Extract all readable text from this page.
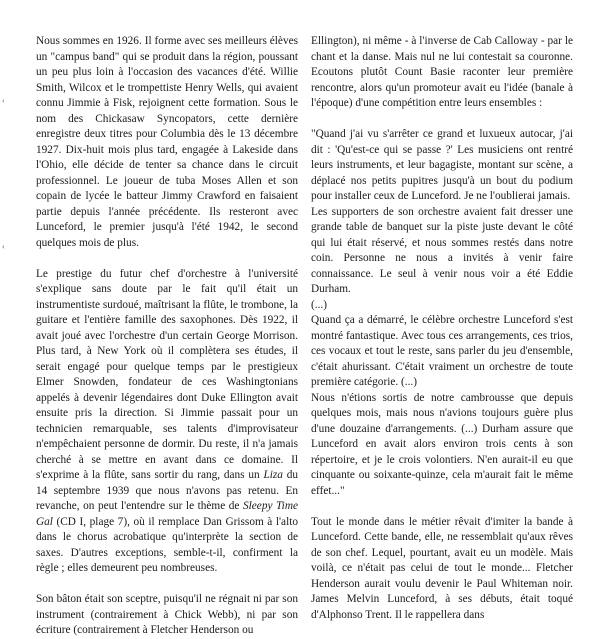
‹
‹

Nous sommes en 1926. Il forme avec ses meilleurs élèves un "campus band" qui se produit dans la région, poussant un peu plus loin à l'occasion des vacances d'été. Willie Smith, Wilcox et le trompettiste Henry Wells, qui avaient connu Jimmie à Fisk, rejoignent cette formation. Sous le nom des Chickasaw Syncopators, cette dernière enregistre deux titres pour Columbia dès le 13 décembre 1927. Dix-huit mois plus tard, engagée à Lakeside dans l'Ohio, elle décide de tenter sa chance dans le circuit professionnel. Le joueur de tuba Moses Allen et son copain de lycée le batteur Jimmy Crawford en faisaient partie depuis l'année précédente. Ils resteront avec Lunceford, le premier jusqu'à l'été 1942, le second quelques mois de plus.

Le prestige du futur chef d'orchestre à l'université s'explique sans doute par le fait qu'il était un instrumentiste surdoué, maîtrisant la flûte, le trombone, la guitare et l'entière famille des saxophones. Dès 1922, il avait joué avec l'orchestre d'un certain George Morrison. Plus tard, à New York où il complètera ses études, il serait engagé pour quelque temps par le prestigieux Elmer Snowden, fondateur de ces Washingtonians appelés à devenir légendaires dont Duke Ellington avait ensuite pris la direction. Si Jimmie passait pour un technicien remarquable, ses talents d'improvisateur n'empêchaient personne de dormir. Du reste, il n'a jamais cherché à se mettre en avant dans ce domaine. Il s'exprime à la flûte, sans sortir du rang, dans un Liza du 14 septembre 1939 que nous n'avons pas retenu. En revanche, on peut l'entendre sur le thème de Sleepy Time Gal (CD I, plage 7), où il remplace Dan Grissom à l'alto dans le chorus acrobatique qu'interprète la section de saxes. D'autres exceptions, semble-t-il, confirment la règle ; elles demeurent peu nombreuses.

Son bâton était son sceptre, puisqu'il ne régnait ni par son instrument (contrairement à Chick Webb), ni par son écriture (contrairement à Fletcher Henderson ou

Ellington), ni même - à l'inverse de Cab Calloway - par le chant et la danse. Mais nul ne lui contestait sa couronne. Ecoutons plutôt Count Basie raconter leur première rencontre, alors qu'un promoteur avait eu l'idée (banale à l'époque) d'une compétition entre leurs ensembles :

"Quand j'ai vu s'arrêter ce grand et luxueux autocar, j'ai dit : 'Qu'est-ce qui se passe ?' Les musiciens ont rentré leurs instruments, et leur bagagiste, montant sur scène, a déplacé nos petits pupitres jusqu'à un bout du podium pour installer ceux de Lunceford. Je ne l'oublierai jamais.

Les supporters de son orchestre avaient fait dresser une grande table de banquet sur la piste juste devant le côté qui lui était réservé, et nous sommes restés dans notre coin. Personne ne nous a invités à venir faire connaissance. Le seul à venir nous voir a été Eddie Durham.

(...)

Quand ça a démarré, le célèbre orchestre Lunceford s'est montré fantastique. Avec tous ces arrangements, ces trios, ces vocaux et tout le reste, sans parler du jeu d'ensemble, c'était ahurissant. C'était vraiment un orchestre de toute première catégorie. (...)

Nous n'étions sortis de notre cambrousse que depuis quelques mois, mais nous n'avions toujours guère plus d'une douzaine d'arrangements. (...) Durham assure que Lunceford en avait alors environ trois cents à son répertoire, et je le crois volontiers. N'en aurait-il eu que cinquante ou soixante-quinze, cela m'aurait fait le même effet..."

Tout le monde dans le métier rêvait d'imiter la bande à Lunceford. Cette bande, elle, ne ressemblait qu'aux rêves de son chef. Lequel, pourtant, avait eu un modèle. Mais voilà, ce n'était pas celui de tout le monde... Fletcher Henderson aurait voulu devenir le Paul Whiteman noir. James Melvin Lunceford, à ses débuts, était toqué d'Alphonso Trent. Il le rappellera dans
